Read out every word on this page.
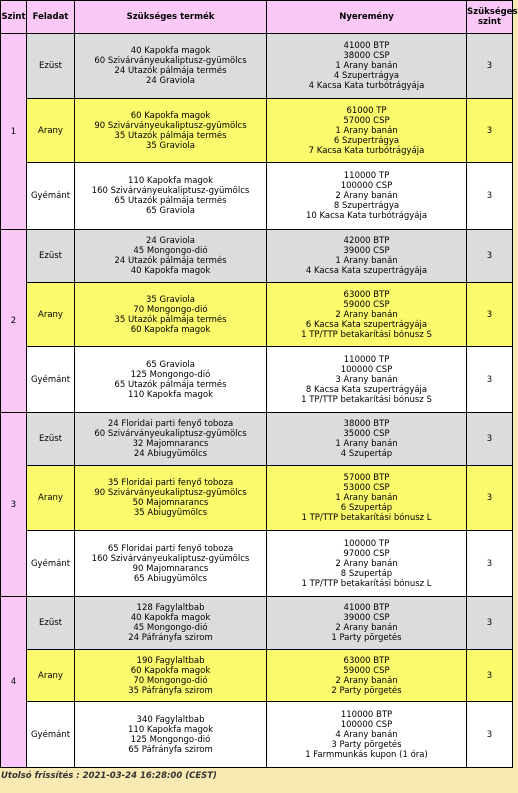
Szint	Feladat	Szükséges termék	Nyeremény	Szükséges szint
1	Ezüst	40 Kapokfa magok
60 Szivárványeukaliptusz-gyümölcs
24 Utazók pálmája termés
24 Graviola	41000 BTP
38000 CSP
1 Arany banán
4 Szupertrágya
4 Kacsa Kata turbótrágyája	3
	Arany	60 Kapokfa magok
90 Szivárványeukaliptusz-gyümölcs
35 Utazók pálmája termés
35 Graviola	61000 TP
57000 CSP
1 Arany banán
6 Szupertrágya
7 Kacsa Kata turbótrágyája	3
	Gyémánt	110 Kapokfa magok
160 Szivárványeukaliptusz-gyümölcs
65 Utazók pálmája termés
65 Graviola	110000 TP
100000 CSP
2 Arany banán
8 Szupertrágya
10 Kacsa Kata turbótrágyája	3
2	Ezüst	24 Graviola
45 Mongongo-dió
24 Utazók pálmája termés
40 Kapokfa magok	42000 BTP
39000 CSP
1 Arany banán
4 Kacsa Kata szupertrágyája	3
	Arany	35 Graviola
70 Mongongo-dió
35 Utazók pálmája termés
60 Kapokfa magok	63000 BTP
59000 CSP
2 Arany banán
6 Kacsa Kata szupertrágyája
1 TP/TTP betakarítási bónusz S	3
	Gyémánt	65 Graviola
125 Mongongo-dió
65 Utazók pálmája termés
110 Kapokfa magok	110000 TP
100000 CSP
3 Arany banán
8 Kacsa Kata szupertrágyája
1 TP/TTP betakarítási bónusz S	3
3	Ezüst	24 Floridai parti fenyő toboza
60 Szivárványeukaliptusz-gyümölcs
32 Majomnarancs
24 Abiugyümölcs	38000 BTP
35000 CSP
1 Arany banán
4 Szupertáp	3
	Arany	35 Floridai parti fenyő toboza
90 Szivárványeukaliptusz-gyümölcs
50 Majomnarancs
35 Abiugyümölcs	57000 BTP
53000 CSP
1 Arany banán
6 Szupertáp
1 TP/TTP betakarítási bónusz L	3
	Gyémánt	65 Floridai parti fenyő toboza
160 Szivárványeukaliptusz-gyümölcs
90 Majomnarancs
65 Abiugyümölcs	100000 TP
97000 CSP
2 Arany banán
8 Szupertáp
1 TP/TTP betakarítási bónusz L	3
4	Ezüst	128 Fagylaltbab
40 Kapokfa magok
45 Mongongo-dió
24 Páfrányfa szirom	41000 BTP
39000 CSP
2 Arany banán
1 Party pörgetés	3
	Arany	190 Fagylaltbab
60 Kapokfa magok
70 Mongongo-dió
35 Páfrányfa szirom	63000 BTP
59000 CSP
2 Arany banán
2 Party pörgetés	3
	Gyémánt	340 Fagylaltbab
110 Kapokfa magok
125 Mongongo-dió
65 Páfrányfa szirom	110000 BTP
100000 CSP
4 Arany banán
3 Party pörgetés
1 Farmmunkás kupon (1 óra)	3
Utolsó frissítés : 2021-03-24 16:28:00 (CEST)
